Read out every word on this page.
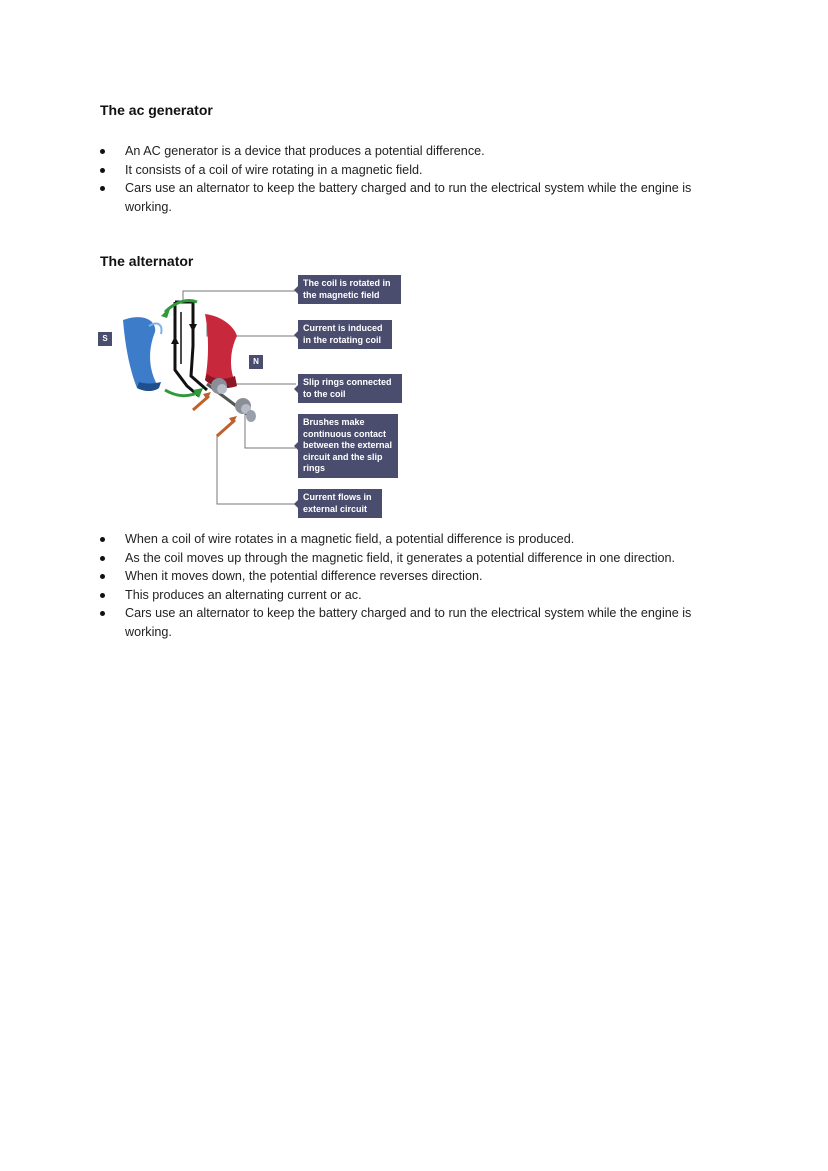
The ac generator
An AC generator is a device that produces a potential difference.
It consists of a coil of wire rotating in a magnetic field.
Cars use an alternator to keep the battery charged and to run the electrical system while the engine is working.
The alternator
S
N
The coil is rotated in the magnetic field
Current is induced in the rotating coil
Slip rings connected to the coil
Brushes make continuous contact between the external circuit and the slip rings
Current flows in external circuit
When a coil of wire rotates in a magnetic field, a potential difference is produced.
As the coil moves up through the magnetic field, it generates a potential difference in one direction.
When it moves down, the potential difference reverses direction.
This produces an alternating current or ac.
Cars use an alternator to keep the battery charged and to run the electrical system while the engine is working.
